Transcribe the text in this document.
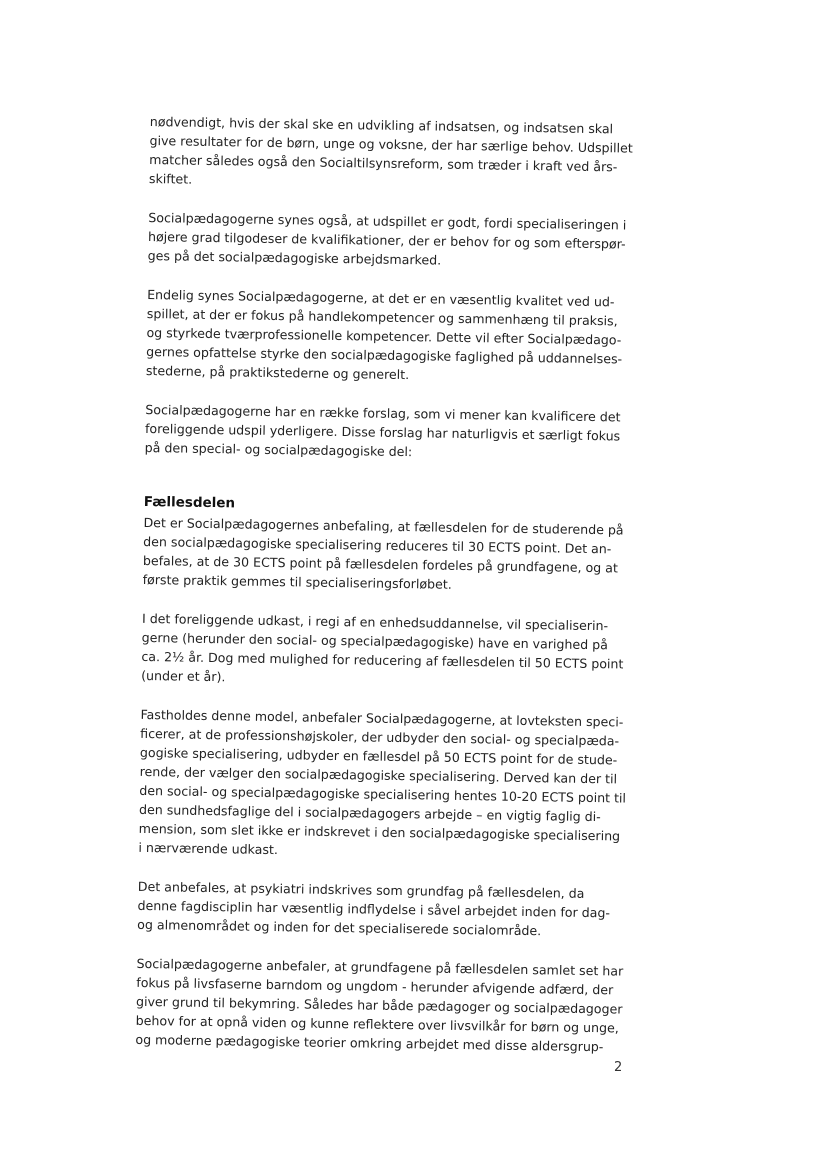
nødvendigt, hvis der skal ske en udvikling af indsatsen, og indsatsen skal
give resultater for de børn, unge og voksne, der har særlige behov. Udspillet
matcher således også den Socialtilsynsreform, som træder i kraft ved års-
skiftet.
Socialpædagogerne synes også, at udspillet er godt, fordi specialiseringen i
højere grad tilgodeser de kvalifikationer, der er behov for og som efterspør-
ges på det socialpædagogiske arbejdsmarked.
Endelig synes Socialpædagogerne, at det er en væsentlig kvalitet ved ud-
spillet, at der er fokus på handlekompetencer og sammenhæng til praksis,
og styrkede tværprofessionelle kompetencer. Dette vil efter Socialpædago-
gernes opfattelse styrke den socialpædagogiske faglighed på uddannelses-
stederne, på praktikstederne og generelt.
Socialpædagogerne har en række forslag, som vi mener kan kvalificere det
foreliggende udspil yderligere. Disse forslag har naturligvis et særligt fokus
på den special- og socialpædagogiske del:
Fællesdelen
Det er Socialpædagogernes anbefaling, at fællesdelen for de studerende på
den socialpædagogiske specialisering reduceres til 30 ECTS point. Det an-
befales, at de 30 ECTS point på fællesdelen fordeles på grundfagene, og at
første praktik gemmes til specialiseringsforløbet.
I det foreliggende udkast, i regi af en enhedsuddannelse, vil specialiserin-
gerne (herunder den social- og specialpædagogiske) have en varighed på
ca. 2½ år. Dog med mulighed for reducering af fællesdelen til 50 ECTS point
(under et år).
Fastholdes denne model, anbefaler Socialpædagogerne, at lovteksten speci-
ficerer, at de professionshøjskoler, der udbyder den social- og specialpæda-
gogiske specialisering, udbyder en fællesdel på 50 ECTS point for de stude-
rende, der vælger den socialpædagogiske specialisering. Derved kan der til
den social- og specialpædagogiske specialisering hentes 10-20 ECTS point til
den sundhedsfaglige del i socialpædagogers arbejde – en vigtig faglig di-
mension, som slet ikke er indskrevet i den socialpædagogiske specialisering
i nærværende udkast.
Det anbefales, at psykiatri indskrives som grundfag på fællesdelen, da
denne fagdisciplin har væsentlig indflydelse i såvel arbejdet inden for dag-
og almenområdet og inden for det specialiserede socialområde.
Socialpædagogerne anbefaler, at grundfagene på fællesdelen samlet set har
fokus på livsfaserne barndom og ungdom - herunder afvigende adfærd, der
giver grund til bekymring. Således har både pædagoger og socialpædagoger
behov for at opnå viden og kunne reflektere over livsvilkår for børn og unge,
og moderne pædagogiske teorier omkring arbejdet med disse aldersgrup-
2
